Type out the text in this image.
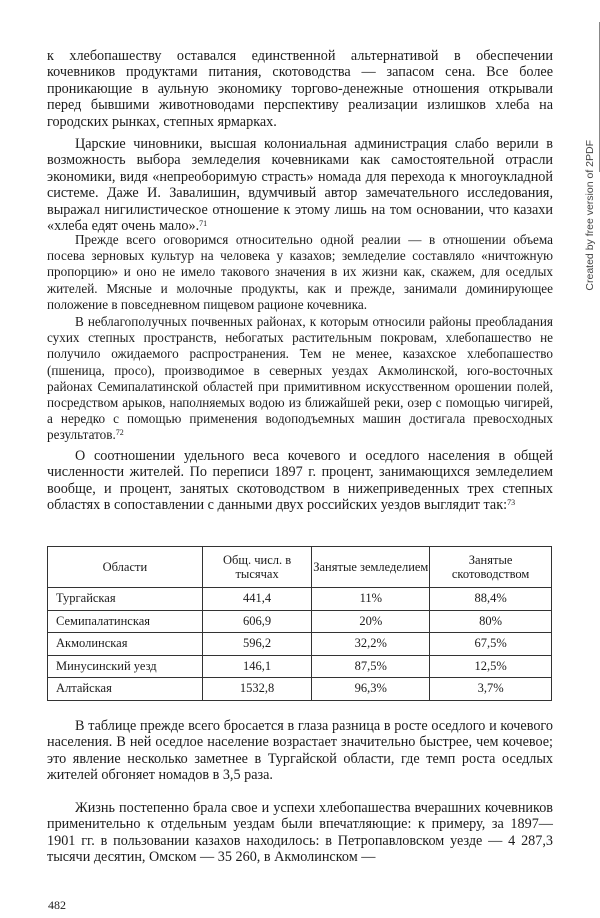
Created by free version of 2PDF

к хлебопашеству оставался единственной альтернативой в обеспечении кочевников продуктами питания, скотоводства — запасом сена. Все более проникающие в аульную экономику торгово-денежные отношения открывали перед бывшими животноводами перспективу реализации излишков хлеба на городских рынках, степных ярмарках.

Царские чиновники, высшая колониальная администрация слабо верили в возможность выбора земледелия кочевниками как самостоятельной отрасли экономики, видя «непреоборимую страсть» номада для перехода к многоукладной системе. Даже И. Завалишин, вдумчивый автор замечательного исследования, выражал нигилистическое отношение к этому лишь на том основании, что казахи «хлеба едят очень мало».$^{71}$

Прежде всего оговоримся относительно одной реалии — в отношении объема посева зерновых культур на человека у казахов; земледелие составляло «ничтожную пропорцию» и оно не имело такового значения в их жизни как, скажем, для оседлых жителей. Мясные и молочные продукты, как и прежде, занимали доминирующее положение в повседневном пищевом рационе кочевника.

В неблагополучных почвенных районах, к которым относили районы преобладания сухих степных пространств, небогатых растительным покровам, хлебопашество не получило ожидаемого распространения. Тем не менее, казахское хлебопашество (пшеница, просо), производимое в северных уездах Акмолинской, юго-восточных районах Семипалатинской областей при примитивном искусственном орошении полей, посредством арыков, наполняемых водою из ближайшей реки, озер с помощью чигирей, а нередко с помощью применения водоподъемных машин достигала превосходных результатов.$^{72}$

О соотношении удельного веса кочевого и оседлого населения в общей численности жителей. По переписи 1897 г. процент, занимающихся земледелием вообще, и процент, занятых скотоводством в нижеприведенных трех степных областях в сопоставлении с данными двух российских уездов выглядит так:$^{73}$

Области	Общ. числ. в тысячах	Занятые земледелием	Занятые скотоводством
Тургайская	441,4	11%	88,4%
Семипалатинская	606,9	20%	80%
Акмолинская	596,2	32,2%	67,5%
Минусинский уезд	146,1	87,5%	12,5%
Алтайская	1532,8	96,3%	3,7%

В таблице прежде всего бросается в глаза разница в росте оседлого и кочевого населения. В ней оседлое население возрастает значительно быстрее, чем кочевое; это явление несколько заметнее в Тургайской области, где темп роста оседлых жителей обгоняет номадов в 3,5 раза.

Жизнь постепенно брала свое и успехи хлебопашества вчерашних кочевников применительно к отдельным уездам были впечатляющие: к примеру, за 1897—1901 гг. в пользовании казахов находилось: в Петропавловском уезде — 4 287,3 тысячи десятин, Омском — 35 260, в Акмолинском —

482
